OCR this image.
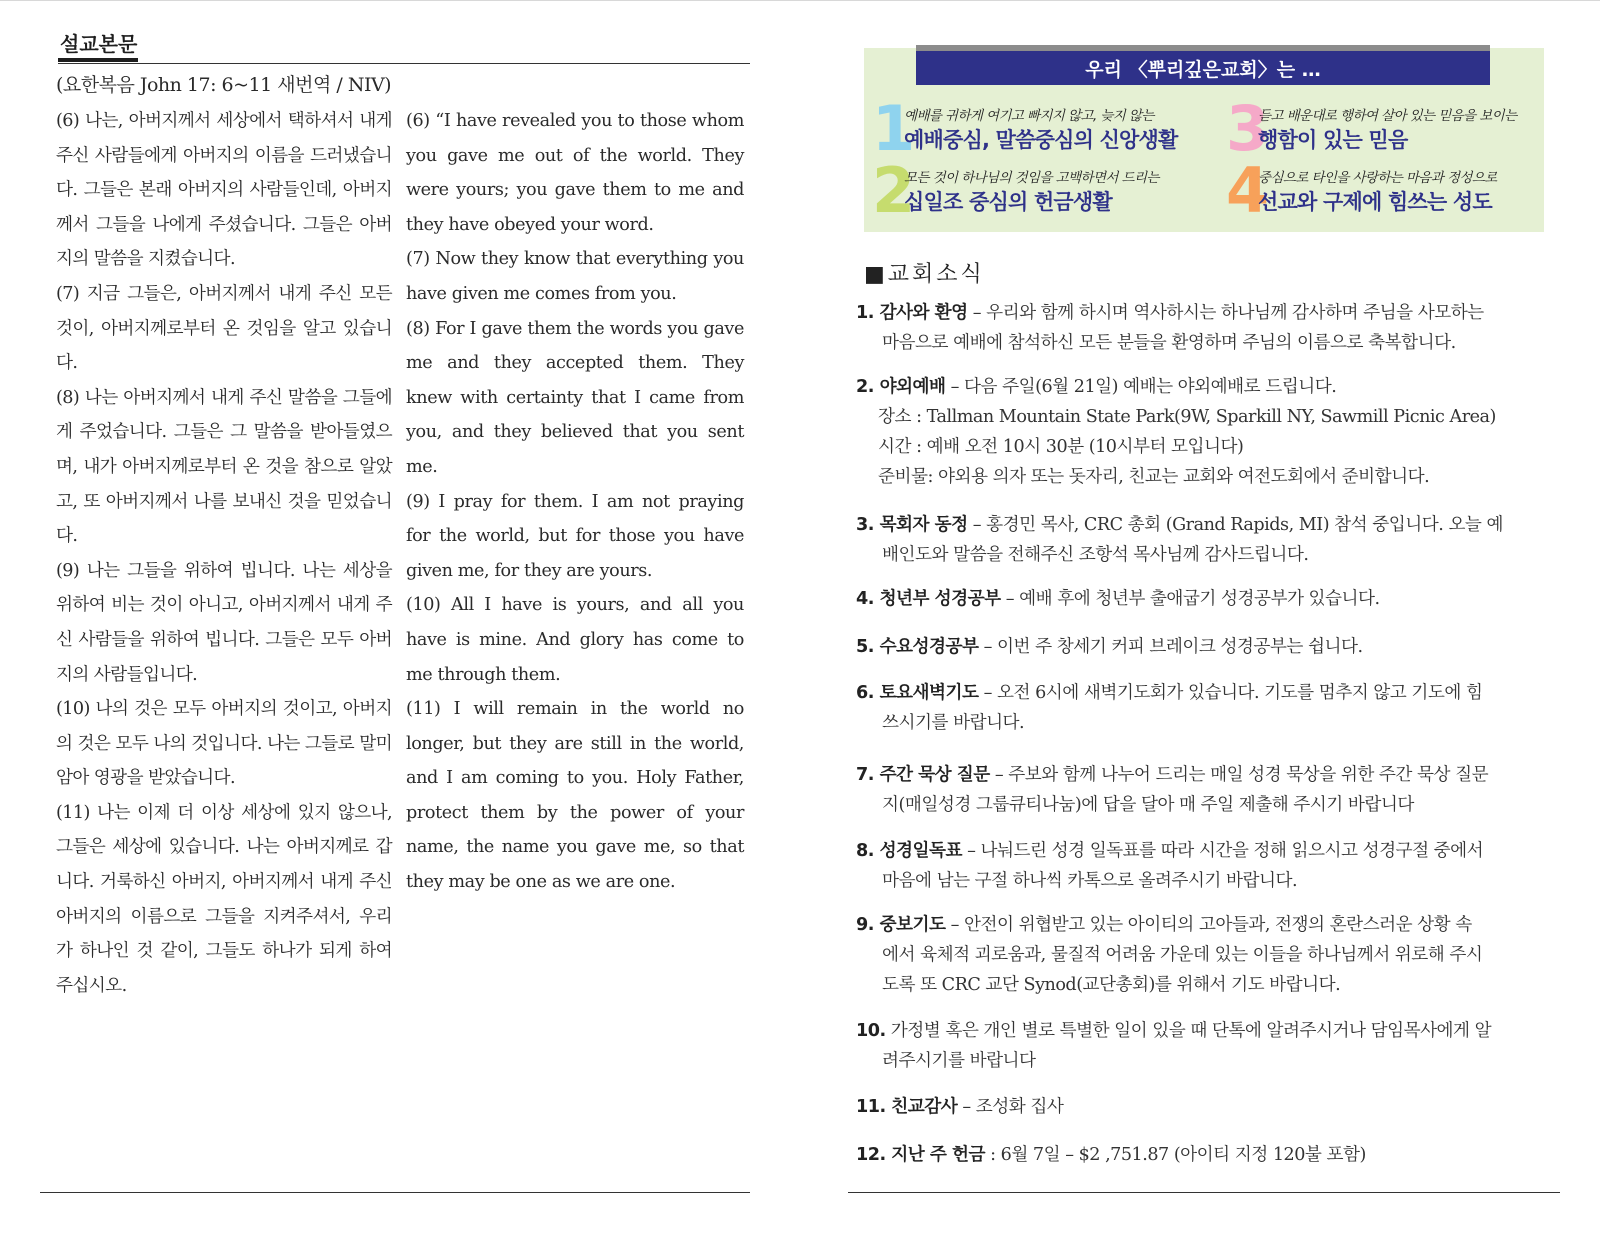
설교본문
(요한복음 John 17: 6~11 새번역 / NIV)
(6) 나는, 아버지께서 세상에서 택하셔서 내게 주신 사람들에게 아버지의 이름을 드러냈습니다. 그들은 본래 아버지의 사람들인데, 아버지께서 그들을 나에게 주셨습니다. 그들은 아버지의 말씀을 지켰습니다.
(7) 지금 그들은, 아버지께서 내게 주신 모든 것이, 아버지께로부터 온 것임을 알고 있습니다.
(8) 나는 아버지께서 내게 주신 말씀을 그들에게 주었습니다. 그들은 그 말씀을 받아들였으며, 내가 아버지께로부터 온 것을 참으로 알았고, 또 아버지께서 나를 보내신 것을 믿었습니다.
(9) 나는 그들을 위하여 빕니다. 나는 세상을 위하여 비는 것이 아니고, 아버지께서 내게 주신 사람들을 위하여 빕니다. 그들은 모두 아버지의 사람들입니다.
(10) 나의 것은 모두 아버지의 것이고, 아버지의 것은 모두 나의 것입니다. 나는 그들로 말미암아 영광을 받았습니다.
(11) 나는 이제 더 이상 세상에 있지 않으나, 그들은 세상에 있습니다. 나는 아버지께로 갑니다. 거룩하신 아버지, 아버지께서 내게 주신 아버지의 이름으로 그들을 지켜주셔서, 우리가 하나인 것 같이, 그들도 하나가 되게 하여 주십시오.
(6) “I have revealed you to those whom you gave me out of the world. They were yours; you gave them to me and they have obeyed your word.
(7) Now they know that everything you have given me comes from you.
(8) For I gave them the words you gave me and they accepted them. They knew with certainty that I came from you, and they believed that you sent me.
(9) I pray for them. I am not praying for the world, but for those you have given me, for they are yours.
(10) All I have is yours, and all you have is mine. And glory has come to me through them.
(11) I will remain in the world no longer, but they are still in the world, and I am coming to you. Holy Father, protect them by the power of your name, the name you gave me, so that they may be one as we are one.
우리 〈뿌리깊은교회〉는 …
1
예배를 귀하게 여기고 빠지지 않고, 늦지 않는
예배중심, 말씀중심의 신앙생활 3
듣고 배운대로 행하여 살아 있는 믿음을 보이는
행함이 있는 믿음
2
모든 것이 하나님의 것임을 고백하면서 드리는
십일조 중심의 헌금생활 4
중심으로 타인을 사랑하는 마음과 정성으로
선교와 구제에 힘쓰는 성도
■교회소식
1. 감사와 환영 – 우리와 함께 하시며 역사하시는 하나님께 감사하며 주님을 사모하는
마음으로 예배에 참석하신 모든 분들을 환영하며 주님의 이름으로 축복합니다.
2. 야외예배 – 다음 주일(6월 21일) 예배는 야외예배로 드립니다.
장소 : Tallman Mountain State Park(9W, Sparkill NY, Sawmill Picnic Area)
시간 : 예배 오전 10시 30분 (10시부터 모입니다)
준비물: 야외용 의자 또는 돗자리, 친교는 교회와 여전도회에서 준비합니다.
3. 목회자 동정 – 홍경민 목사, CRC 총회 (Grand Rapids, MI) 참석 중입니다. 오늘 예
배인도와 말씀을 전해주신 조항석 목사님께 감사드립니다.
4. 청년부 성경공부 – 예배 후에 청년부 출애굽기 성경공부가 있습니다.
5. 수요성경공부 – 이번 주 창세기 커피 브레이크 성경공부는 쉽니다.
6. 토요새벽기도 – 오전 6시에 새벽기도회가 있습니다. 기도를 멈추지 않고 기도에 힘
쓰시기를 바랍니다.
7. 주간 묵상 질문 – 주보와 함께 나누어 드리는 매일 성경 묵상을 위한 주간 묵상 질문
지(매일성경 그룹큐티나눔)에 답을 달아 매 주일 제출해 주시기 바랍니다
8. 성경일독표 – 나눠드린 성경 일독표를 따라 시간을 정해 읽으시고 성경구절 중에서
마음에 남는 구절 하나씩 카톡으로 올려주시기 바랍니다.
9. 중보기도 – 안전이 위협받고 있는 아이티의 고아들과, 전쟁의 혼란스러운 상황 속
에서 육체적 괴로움과, 물질적 어려움 가운데 있는 이들을 하나님께서 위로해 주시
도록 또 CRC 교단 Synod(교단총회)를 위해서 기도 바랍니다.
10. 가정별 혹은 개인 별로 특별한 일이 있을 때 단톡에 알려주시거나 담임목사에게 알
려주시기를 바랍니다
11. 친교감사 – 조성화 집사
12. 지난 주 헌금 : 6월 7일 – $2 ,751.87 (아이티 지정 120불 포함)
